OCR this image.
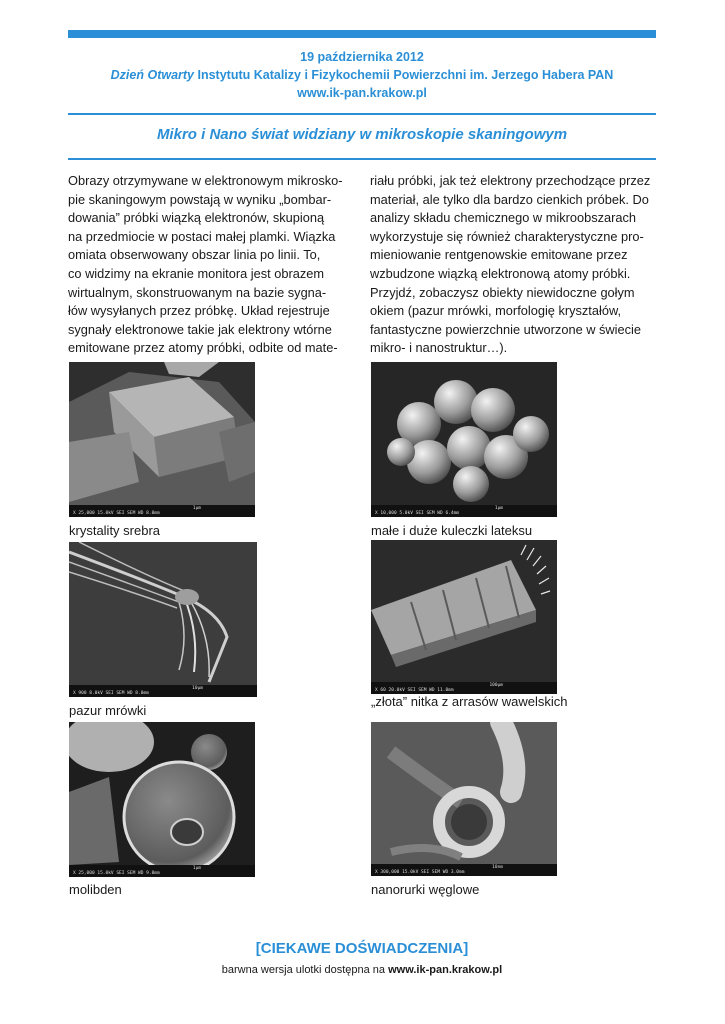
19 października 2012
Dzień Otwarty Instytutu Katalizy i Fizykochemii Powierzchni im. Jerzego Habera PAN
www.ik-pan.krakow.pl
Mikro i Nano świat widziany w mikroskopie skaningowym
Obrazy otrzymywane w elektronowym mikrosko-
pie skaningowym powstają w wyniku „bombar-
dowania” próbki wiązką elektronów, skupioną
na przedmiocie w postaci małej plamki. Wiązka
omiata obserwowany obszar linia po linii. To,
co widzimy na ekranie monitora jest obrazem
wirtualnym, skonstruowanym na bazie sygna-
łów wysyłanych przez próbkę. Układ rejestruje
sygnały elektronowe takie jak elektrony wtórne
emitowane przez atomy próbki, odbite od mate-
riału próbki, jak też elektrony przechodzące przez
materiał, ale tylko dla bardzo cienkich próbek. Do
analizy składu chemicznego w mikroobszarach
wykorzystuje się również charakterystyczne pro-
mieniowanie rentgenowskie emitowane przez
wzbudzone wiązką elektronową atomy próbki.
Przyjdź, zobaczysz obiekty niewidoczne gołym
okiem (pazur mrówki, morfologię kryształów,
fantastyczne powierzchnie utworzone w świecie
mikro- i nanostruktur…).
1μm
X 25,000 15.0kV SEI SEM WD 8.0mm
krystality srebra
1μm
X 10,000 5.0kV SEI SEM WD 6.4mm
małe i duże kuleczki lateksu
10μm
X 900 8.0kV SEI SEM WD 8.0mm
pazur mrówki
100μm
X 60 20.0kV SEI SEM WD 11.0mm
„złota” nitka z arrasów wawelskich
1μm
X 25,000 15.0kV SEI SEM WD 9.0mm
molibden
10nm
X 300,000 15.0kV SEI SEM WD 3.0mm
nanorurki węglowe
[CIEKAWE DOŚWIADCZENIA]
barwna wersja ulotki dostępna na www.ik-pan.krakow.pl
